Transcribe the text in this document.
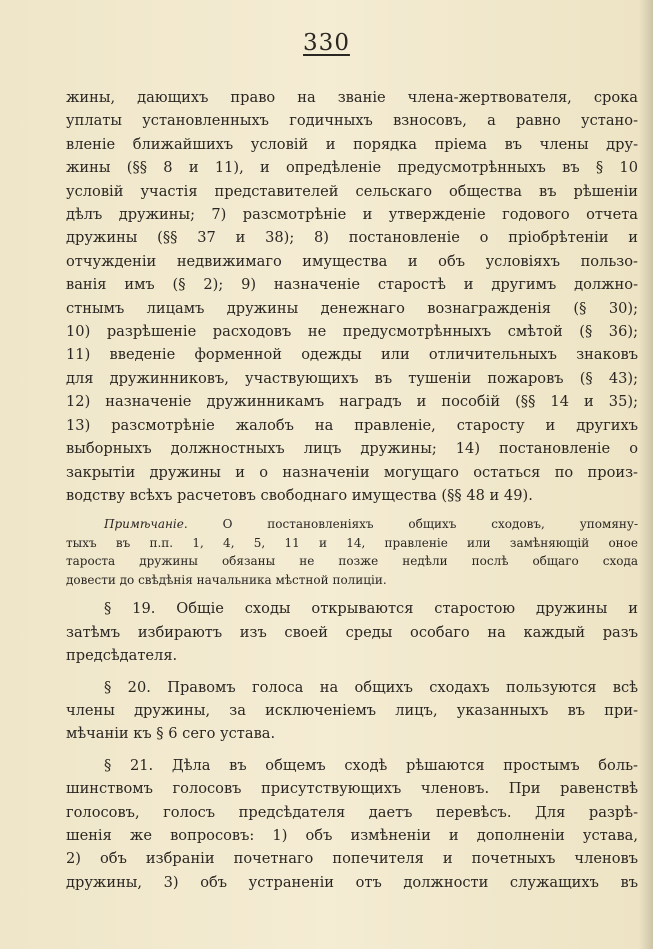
330
жины, дающихъ право на званіе члена-жертвователя, срока
уплаты установленныхъ годичныхъ взносовъ, а равно устано-
вленіе ближайшихъ условій и порядка пріема въ члены дру-
жины (§§ 8 и 11), и опредѣленіе предусмотрѣнныхъ въ § 10
условій участія представителей сельскаго общества въ рѣшеніи
дѣлъ дружины; 7) разсмотрѣніе и утвержденіе годового отчета
дружины (§§ 37 и 38); 8) постановленіе о пріобрѣтеніи и
отчужденіи недвижимаго имущества и объ условіяхъ пользо-
ванія имъ (§ 2); 9) назначеніе старостѣ и другимъ должно-
стнымъ лицамъ дружины денежнаго вознагражденія (§ 30);
10) разрѣшеніе расходовъ не предусмотрѣнныхъ смѣтой (§ 36);
11) введеніе форменной одежды или отличительныхъ знаковъ
для дружинниковъ, участвующихъ въ тушеніи пожаровъ (§ 43);
12) назначеніе дружинникамъ наградъ и пособій (§§ 14 и 35);
13) разсмотрѣніе жалобъ на правленіе, старосту и другихъ
выборныхъ должностныхъ лицъ дружины; 14) постановленіе о
закрытіи дружины и о назначеніи могущаго остаться по произ-
водству всѣхъ расчетовъ свободнаго имущества (§§ 48 и 49).
Примѣчаніе. О постановленіяхъ общихъ сходовъ, упомяну-
тыхъ въ п.п. 1, 4, 5, 11 и 14, правленіе или замѣняющій оное
тароста дружины обязаны не позже недѣли послѣ общаго схода
довести до свѣдѣнія начальника мѣстной полиціи.
§ 19. Общіе сходы открываются старостою дружины и
затѣмъ избираютъ изъ своей среды особаго на каждый разъ
предсѣдателя.
§ 20. Правомъ голоса на общихъ сходахъ пользуются всѣ
члены дружины, за исключеніемъ лицъ, указанныхъ въ при-
мѣчаніи къ § 6 сего устава.
§ 21. Дѣла въ общемъ сходѣ рѣшаются простымъ боль-
шинствомъ голосовъ присутствующихъ членовъ. При равенствѣ
голосовъ, голосъ предсѣдателя даетъ перевѣсъ. Для разрѣ-
шенія же вопросовъ: 1) объ измѣненіи и дополненіи устава,
2) объ избраніи почетнаго попечителя и почетныхъ членовъ
дружины, 3) объ устраненіи отъ должности служащихъ въ
